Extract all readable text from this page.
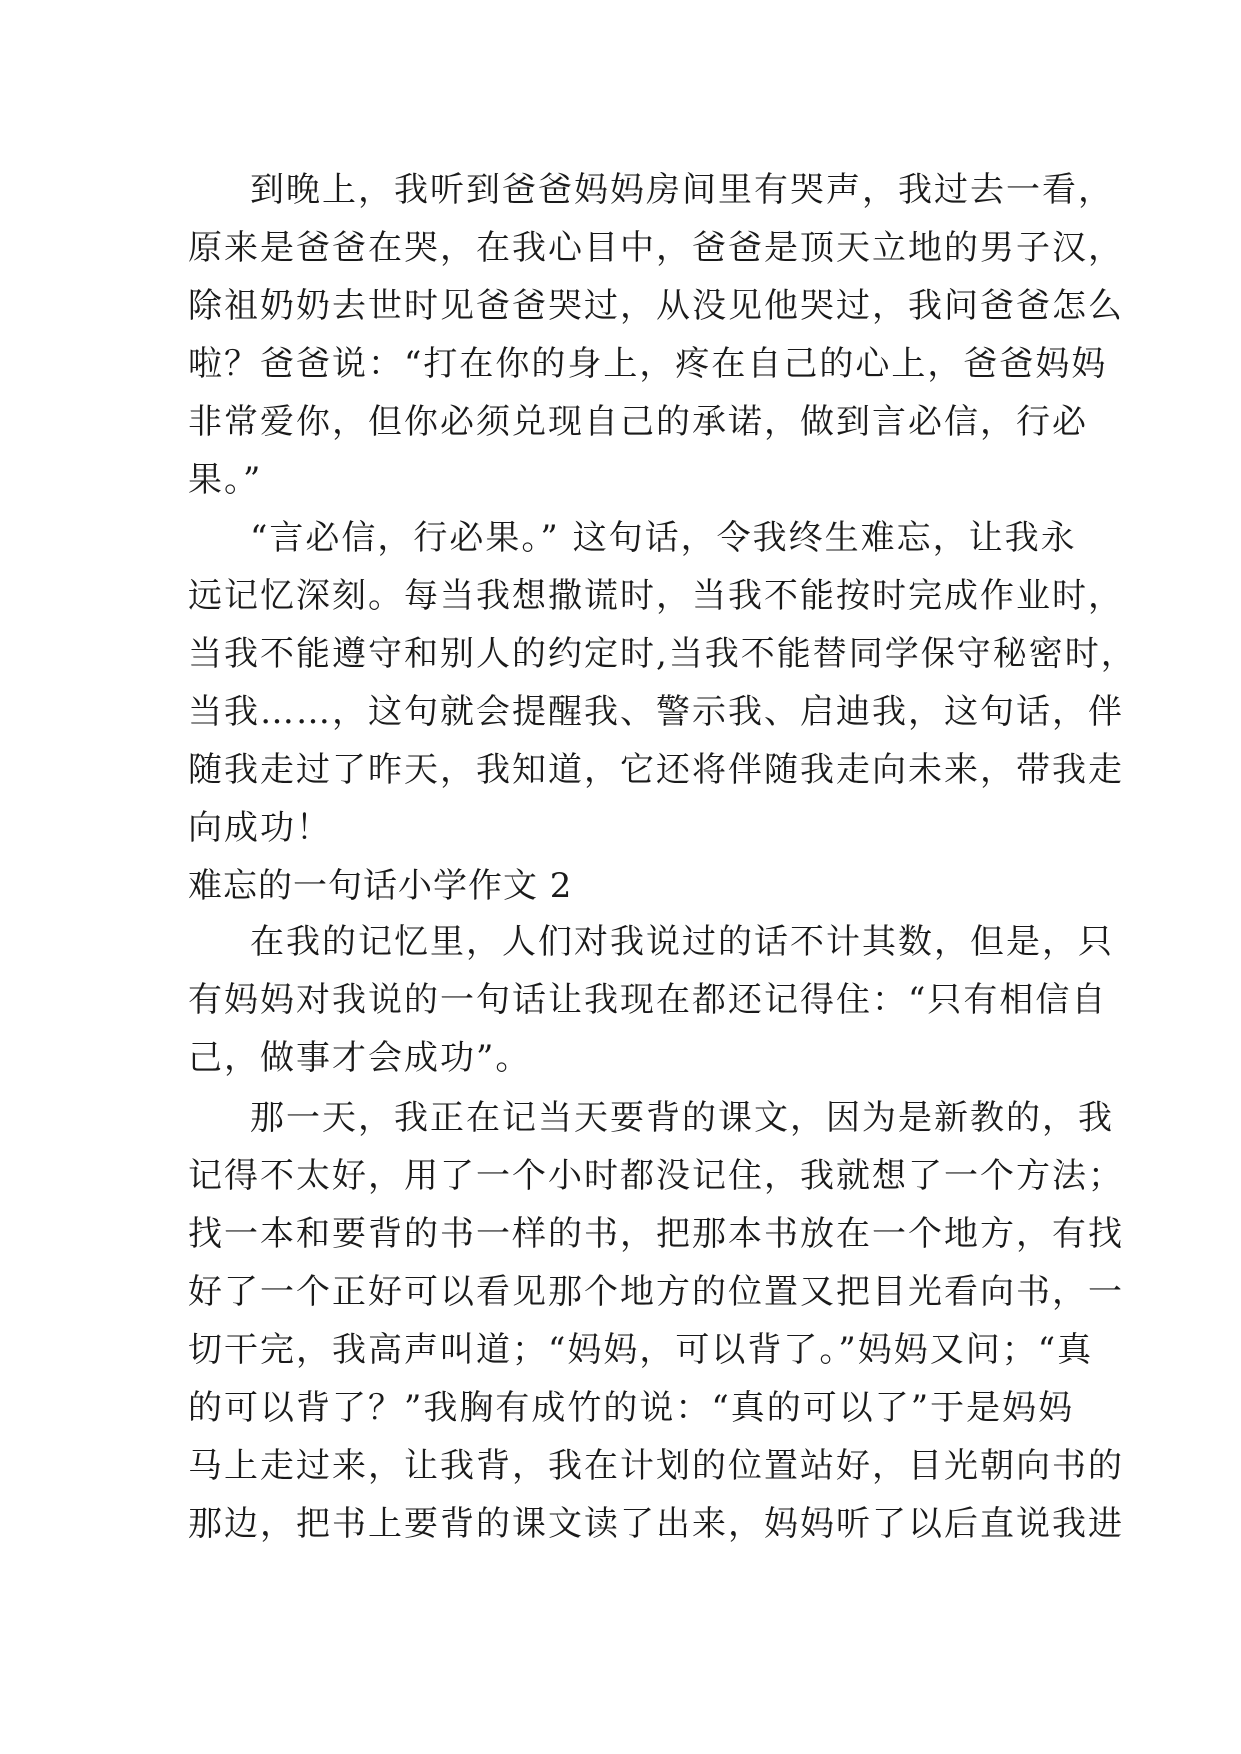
到晚上，我听到爸爸妈妈房间里有哭声，我过去一看，
原来是爸爸在哭，在我心目中，爸爸是顶天立地的男子汉，
除祖奶奶去世时见爸爸哭过，从没见他哭过，我问爸爸怎么
啦？爸爸说：“打在你的身上，疼在自己的心上，爸爸妈妈
非常爱你，但你必须兑现自己的承诺，做到言必信，行必
果。”
“言必信，行必果。” 这句话，令我终生难忘，让我永
远记忆深刻。每当我想撒谎时，当我不能按时完成作业时，
当我不能遵守和别人的约定时,当我不能替同学保守秘密时，
当我……，这句就会提醒我、警示我、启迪我，这句话，伴
随我走过了昨天，我知道，它还将伴随我走向未来，带我走
向成功！
难忘的一句话小学作文 2
在我的记忆里，人们对我说过的话不计其数，但是，只
有妈妈对我说的一句话让我现在都还记得住：“只有相信自
己，做事才会成功”。
那一天，我正在记当天要背的课文，因为是新教的，我
记得不太好，用了一个小时都没记住，我就想了一个方法；
找一本和要背的书一样的书，把那本书放在一个地方，有找
好了一个正好可以看见那个地方的位置又把目光看向书，一
切干完，我高声叫道；“妈妈，可以背了。”妈妈又问；“真
的可以背了？”我胸有成竹的说：“真的可以了”于是妈妈
马上走过来，让我背，我在计划的位置站好，目光朝向书的
那边，把书上要背的课文读了出来，妈妈听了以后直说我进
